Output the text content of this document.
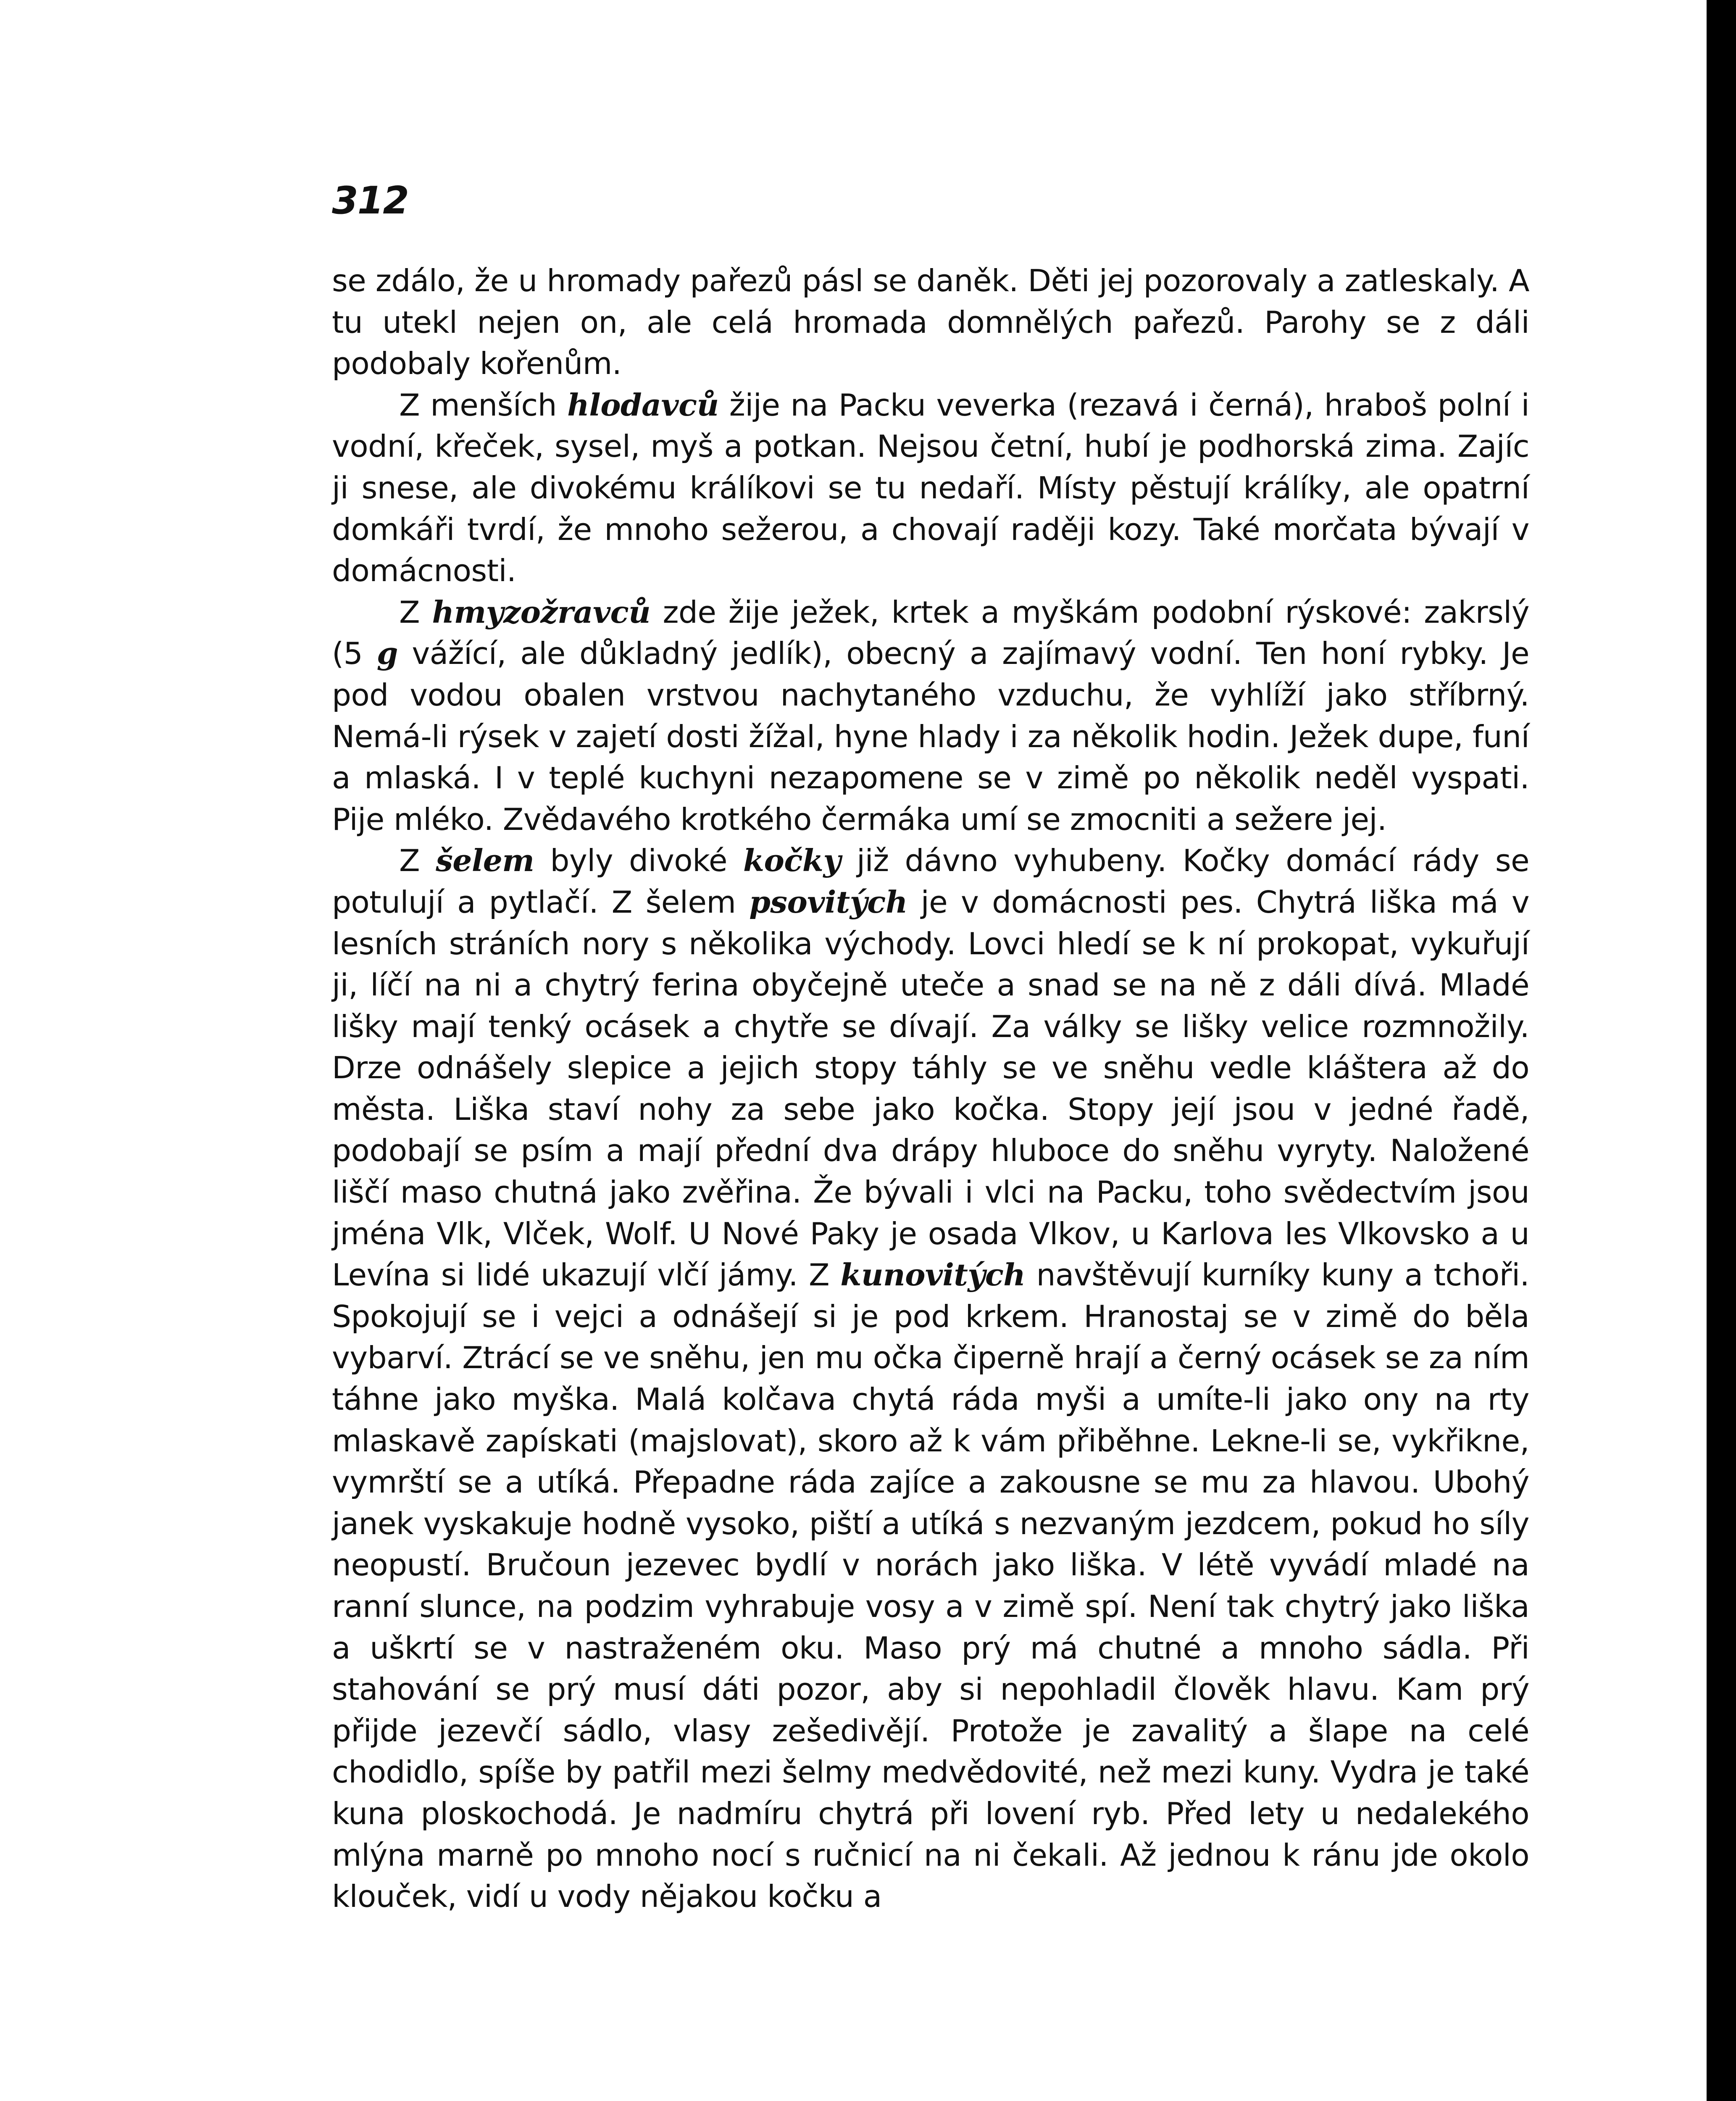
312

se zdálo, že u hromady pařezů pásl se daněk. Děti jej pozorovaly a zatleskaly. A tu utekl nejen on, ale celá hromada domnělých pařezů. Parohy se z dáli podobaly kořenům.

Z menších hlodavců žije na Packu veverka (rezavá i černá), hraboš polní i vodní, křeček, sysel, myš a potkan. Nejsou četní, hubí je podhorská zima. Zajíc ji snese, ale divokému králíkovi se tu nedaří. Místy pěstují králíky, ale opatrní domkáři tvrdí, že mnoho sežerou, a chovají raději kozy. Také morčata bývají v domácnosti.

Z hmyzožravců zde žije ježek, krtek a myškám podobní rýskové: zakrslý (5 g vážící, ale důkladný jedlík), obecný a zajímavý vodní. Ten honí rybky. Je pod vodou obalen vrstvou nachytaného vzduchu, že vyhlíží jako stříbrný. Nemá-li rýsek v zajetí dosti žížal, hyne hlady i za několik hodin. Ježek dupe, funí a mlaská. I v teplé kuchyni nezapomene se v zimě po několik neděl vyspati. Pije mléko. Zvědavého krotkého čermáka umí se zmocniti a sežere jej.

Z šelem byly divoké kočky již dávno vyhubeny. Kočky domácí rády se potulují a pytlačí. Z šelem psovitých je v domácnosti pes. Chytrá liška má v lesních stráních nory s několika východy. Lovci hledí se k ní prokopat, vykuřují ji, líčí na ni a chytrý ferina obyčejně uteče a snad se na ně z dáli dívá. Mladé lišky mají tenký ocásek a chytře se dívají. Za války se lišky velice rozmnožily. Drze odnášely slepice a jejich stopy táhly se ve sněhu vedle kláštera až do města. Liška staví nohy za sebe jako kočka. Stopy její jsou v jedné řadě, podobají se psím a mají přední dva drápy hluboce do sněhu vyryty. Naložené liščí maso chutná jako zvěřina. Že bývali i vlci na Packu, toho svědectvím jsou jména Vlk, Vlček, Wolf. U Nové Paky je osada Vlkov, u Karlova les Vlkovsko a u Levína si lidé ukazují vlčí jámy. Z kunovitých navštěvují kurníky kuny a tchoři. Spokojují se i vejci a odnášejí si je pod krkem. Hranostaj se v zimě do běla vybarví. Ztrácí se ve sněhu, jen mu očka čiperně hrají a černý ocásek se za ním táhne jako myška. Malá kolčava chytá ráda myši a umíte-li jako ony na rty mlaskavě zapískati (majslovat), skoro až k vám přiběhne. Lekne-li se, vykřikne, vymrští se a utíká. Přepadne ráda zajíce a zakousne se mu za hlavou. Ubohý janek vyskakuje hodně vysoko, piští a utíká s nezvaným jezdcem, pokud ho síly neopustí. Bručoun jezevec bydlí v norách jako liška. V létě vyvádí mladé na ranní slunce, na podzim vyhrabuje vosy a v zimě spí. Není tak chytrý jako liška a uškrtí se v nastraženém oku. Maso prý má chutné a mnoho sádla. Při stahování se prý musí dáti pozor, aby si nepohladil člověk hlavu. Kam prý přijde jezevčí sádlo, vlasy zešedivějí. Protože je zavalitý a šlape na celé chodidlo, spíše by patřil mezi šelmy medvědovité, než mezi kuny. Vydra je také kuna ploskochodá. Je nadmíru chytrá při lovení ryb. Před lety u nedalekého mlýna marně po mnoho nocí s ručnicí na ni čekali. Až jednou k ránu jde okolo klouček, vidí u vody nějakou kočku a
